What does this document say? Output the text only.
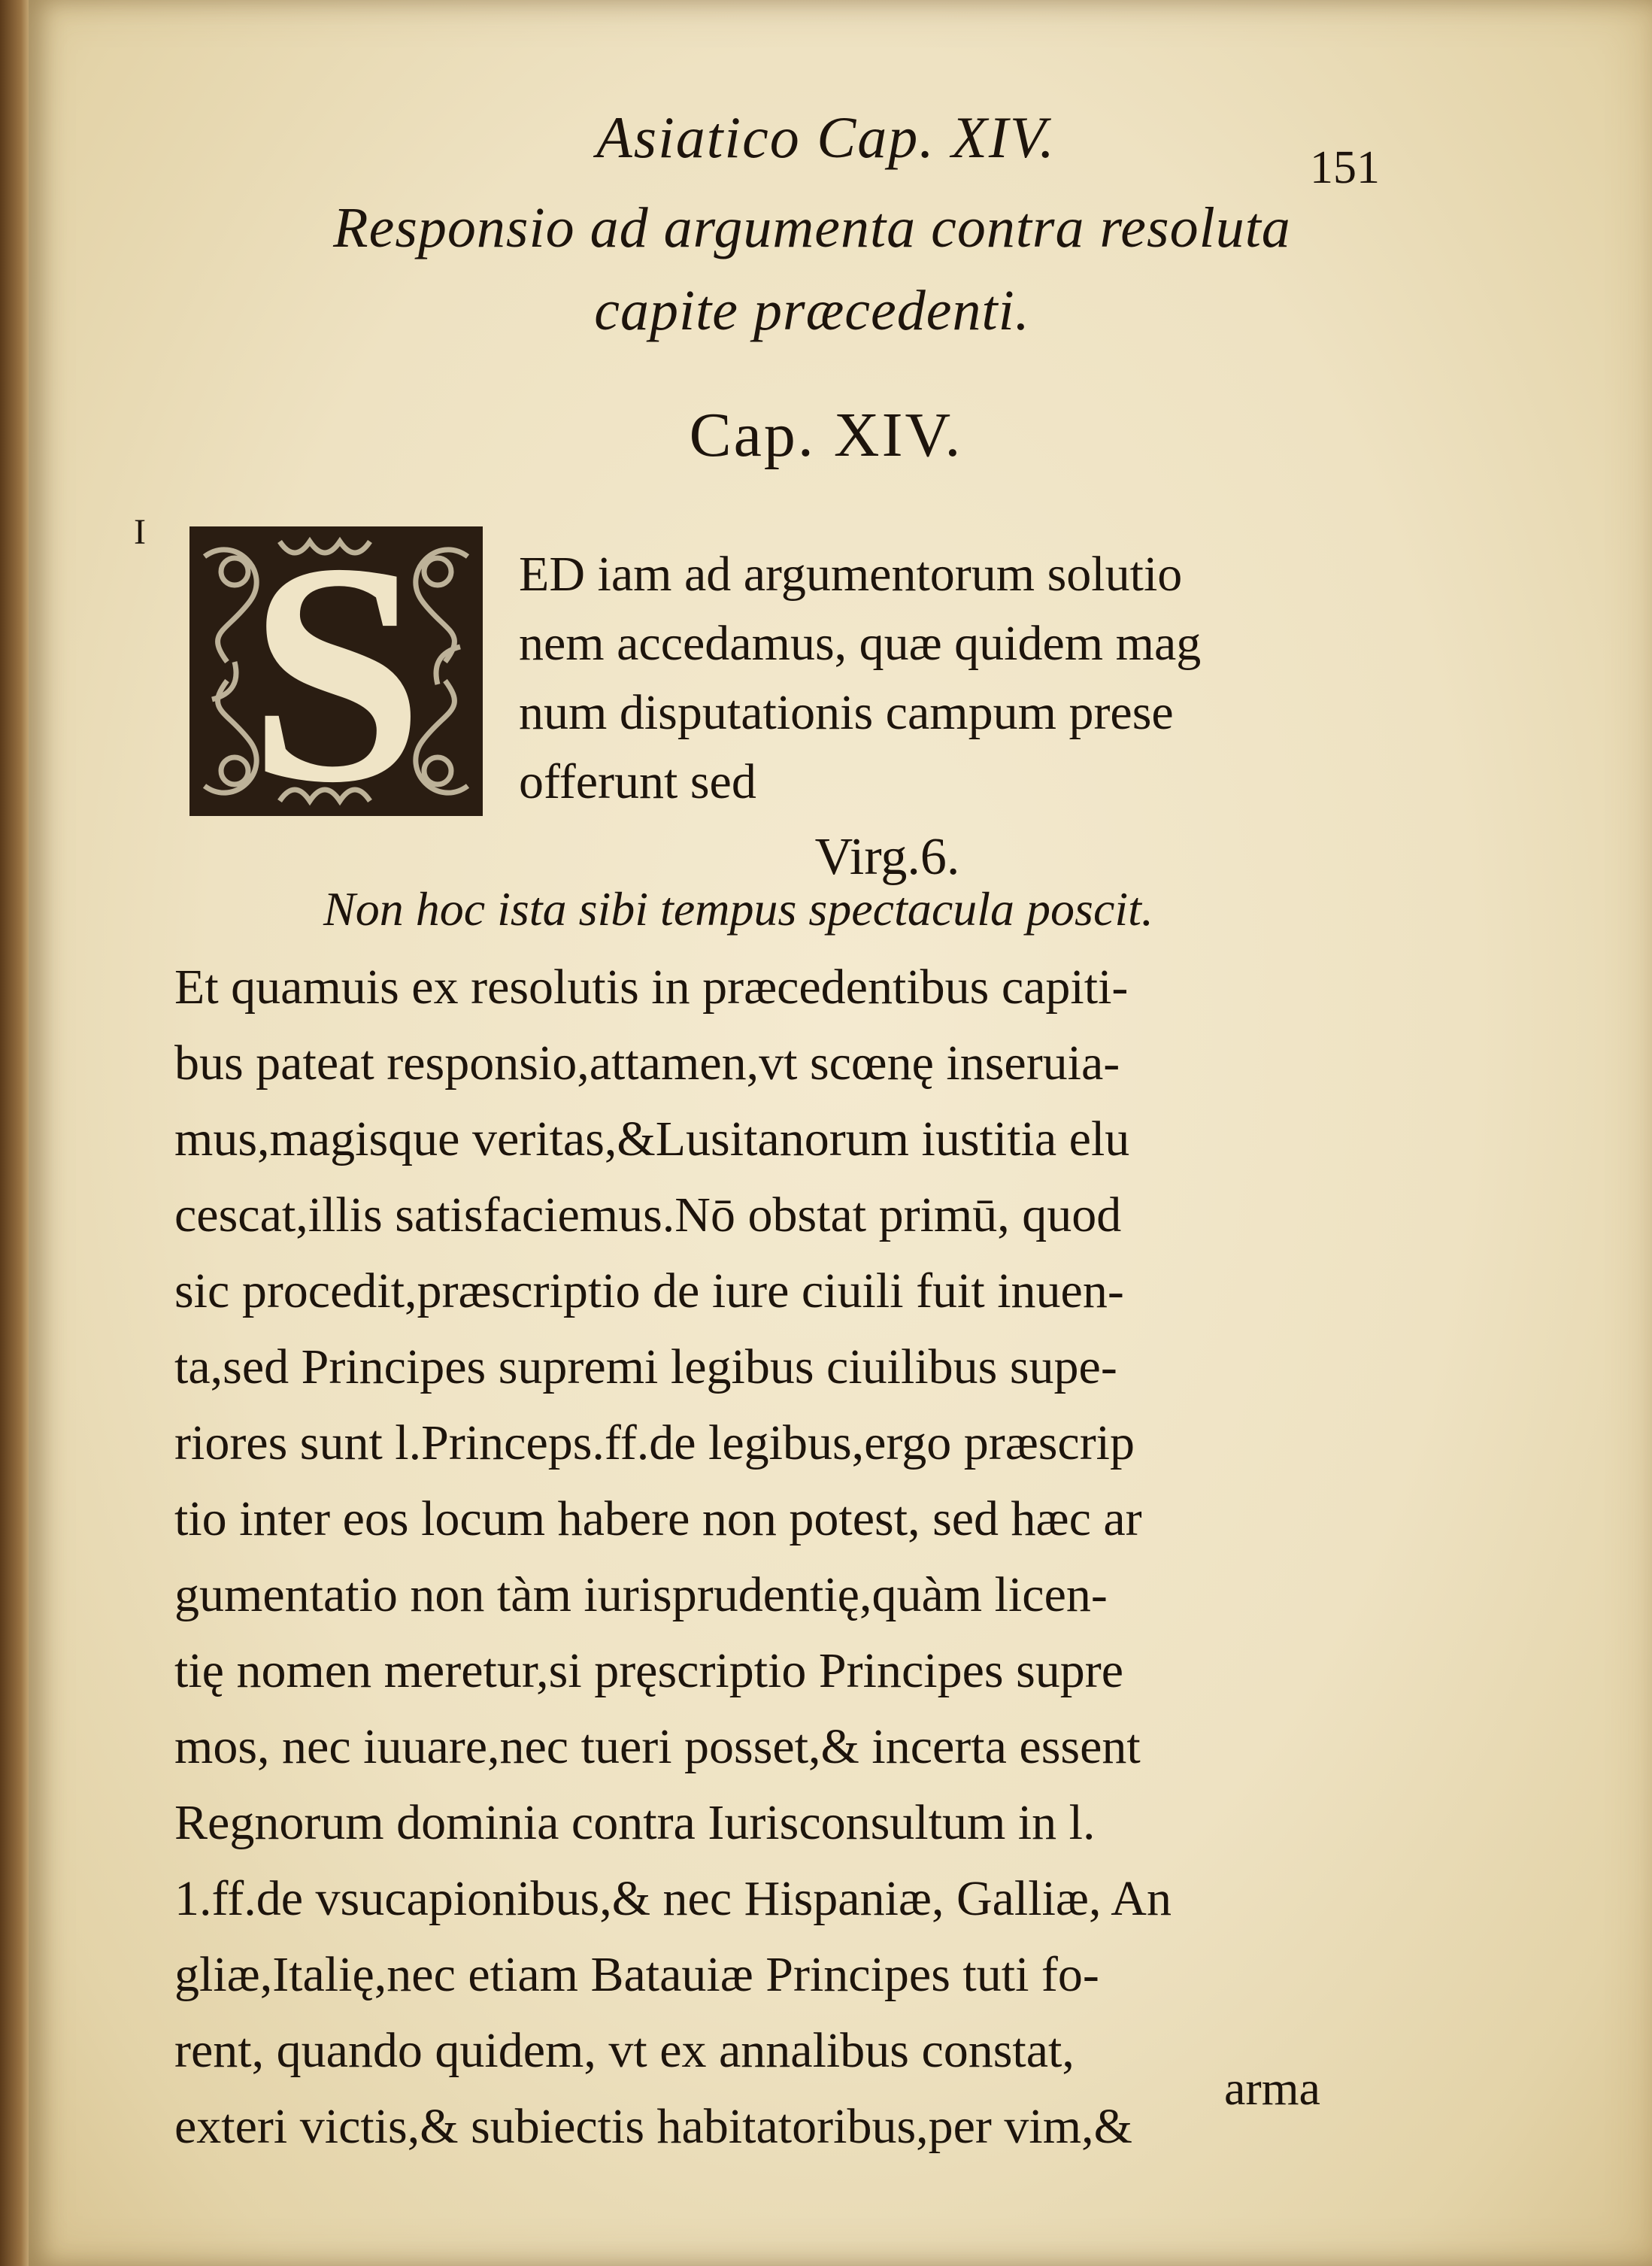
Asiatico Cap. XIV.	151
Responsio ad argumenta contra resoluta
capite præcedenti.
Cap. XIV.
I S	ED iam ad argumentorum solutio
nem accedamus, quæ quidem mag
num disputationis campum prese
offerunt sed
Virg.6.
Non hoc ista sibi tempus spectacula poscit.
Et quamuis ex resolutis in præcedentibus capiti-
bus pateat responsio,attamen,vt scœnę inseruia-
mus,magisque veritas,&Lusitanorum iustitia elu
cescat,illis satisfaciemus.Nō obstat primū, quod
sic procedit,præscriptio de iure ciuili fuit inuen-
ta,sed Principes supremi legibus ciuilibus supe-
riores sunt l.Princeps.ff.de legibus,ergo præscrip
tio inter eos locum habere non potest, sed hæc ar
gumentatio non tàm iurisprudentię,quàm licen-
tię nomen meretur,si pręscriptio Principes supre
mos, nec iuuare,nec tueri posset,& incerta essent
Regnorum dominia contra Iurisconsultum in l.
1.ff.de vsucapionibus,& nec Hispaniæ, Galliæ, An
gliæ,Italię,nec etiam Batauiæ Principes tuti fo-
rent, quando quidem, vt ex annalibus constat,
exteri victis,& subiectis habitatoribus,per vim,&
arma
